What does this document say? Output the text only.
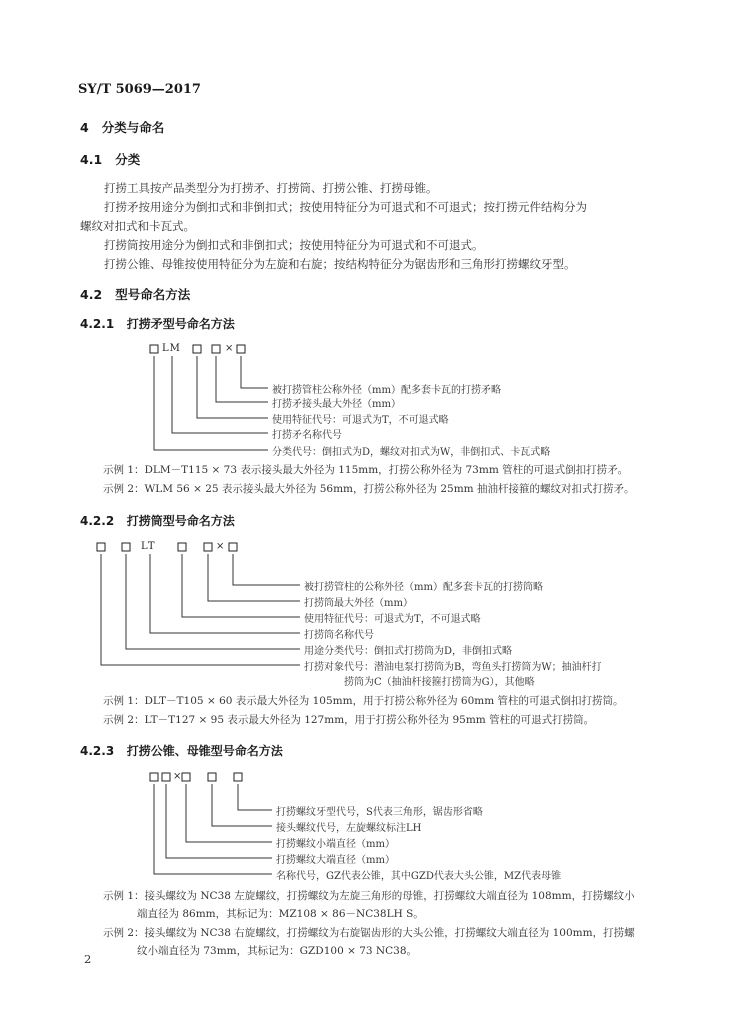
SY/T 5069—2017
4 分类与命名
4.1 分类
打捞工具按产品类型分为打捞矛、打捞筒、打捞公锥、打捞母锥。
打捞矛按用途分为倒扣式和非倒扣式；按使用特征分为可退式和不可退式；按打捞元件结构分为
螺纹对扣式和卡瓦式。
打捞筒按用途分为倒扣式和非倒扣式；按使用特征分为可退式和不可退式。
打捞公锥、母锥按使用特征分为左旋和右旋；按结构特征分为锯齿形和三角形打捞螺纹牙型。
4.2 型号命名方法
4.2.1 打捞矛型号命名方法
LM	×
被打捞管柱公称外径（mm）配多套卡瓦的打捞矛略
打捞矛接头最大外径（mm）
使用特征代号：可退式为T，不可退式略
打捞矛名称代号
分类代号：倒扣式为D，螺纹对扣式为W，非倒扣式、卡瓦式略
示例 1：DLM－T115 × 73 表示接头最大外径为 115mm，打捞公称外径为 73mm 管柱的可退式倒扣打捞矛。
示例 2：WLM 56 × 25 表示接头最大外径为 56mm，打捞公称外径为 25mm 抽油杆接箍的螺纹对扣式打捞矛。
4.2.2 打捞筒型号命名方法
LT	×
被打捞管柱的公称外径（mm）配多套卡瓦的打捞筒略
打捞筒最大外径（mm）
使用特征代号：可退式为T，不可退式略
打捞筒名称代号
用途分类代号：倒扣式打捞筒为D，非倒扣式略
打捞对象代号：潜油电泵打捞筒为B，弯鱼头打捞筒为W；抽油杆打
捞筒为C（抽油杆接箍打捞筒为G），其他略
示例 1：DLT－T105 × 60 表示最大外径为 105mm，用于打捞公称外径为 60mm 管柱的可退式倒扣打捞筒。
示例 2：LT－T127 × 95 表示最大外径为 127mm，用于打捞公称外径为 95mm 管柱的可退式打捞筒。
4.2.3 打捞公锥、母锥型号命名方法
×
打捞螺纹牙型代号，S代表三角形，锯齿形省略
接头螺纹代号，左旋螺纹标注LH
打捞螺纹小端直径（mm）
打捞螺纹大端直径（mm）
名称代号，GZ代表公锥，其中GZD代表大头公锥，MZ代表母锥
示例 1：接头螺纹为 NC38 左旋螺纹，打捞螺纹为左旋三角形的母锥，打捞螺纹大端直径为 108mm，打捞螺纹小
端直径为 86mm，其标记为：MZ108 × 86－NC38LH S。
示例 2：接头螺纹为 NC38 右旋螺纹，打捞螺纹为右旋锯齿形的大头公锥，打捞螺纹大端直径为 100mm，打捞螺
纹小端直径为 73mm，其标记为：GZD100 × 73 NC38。
2
